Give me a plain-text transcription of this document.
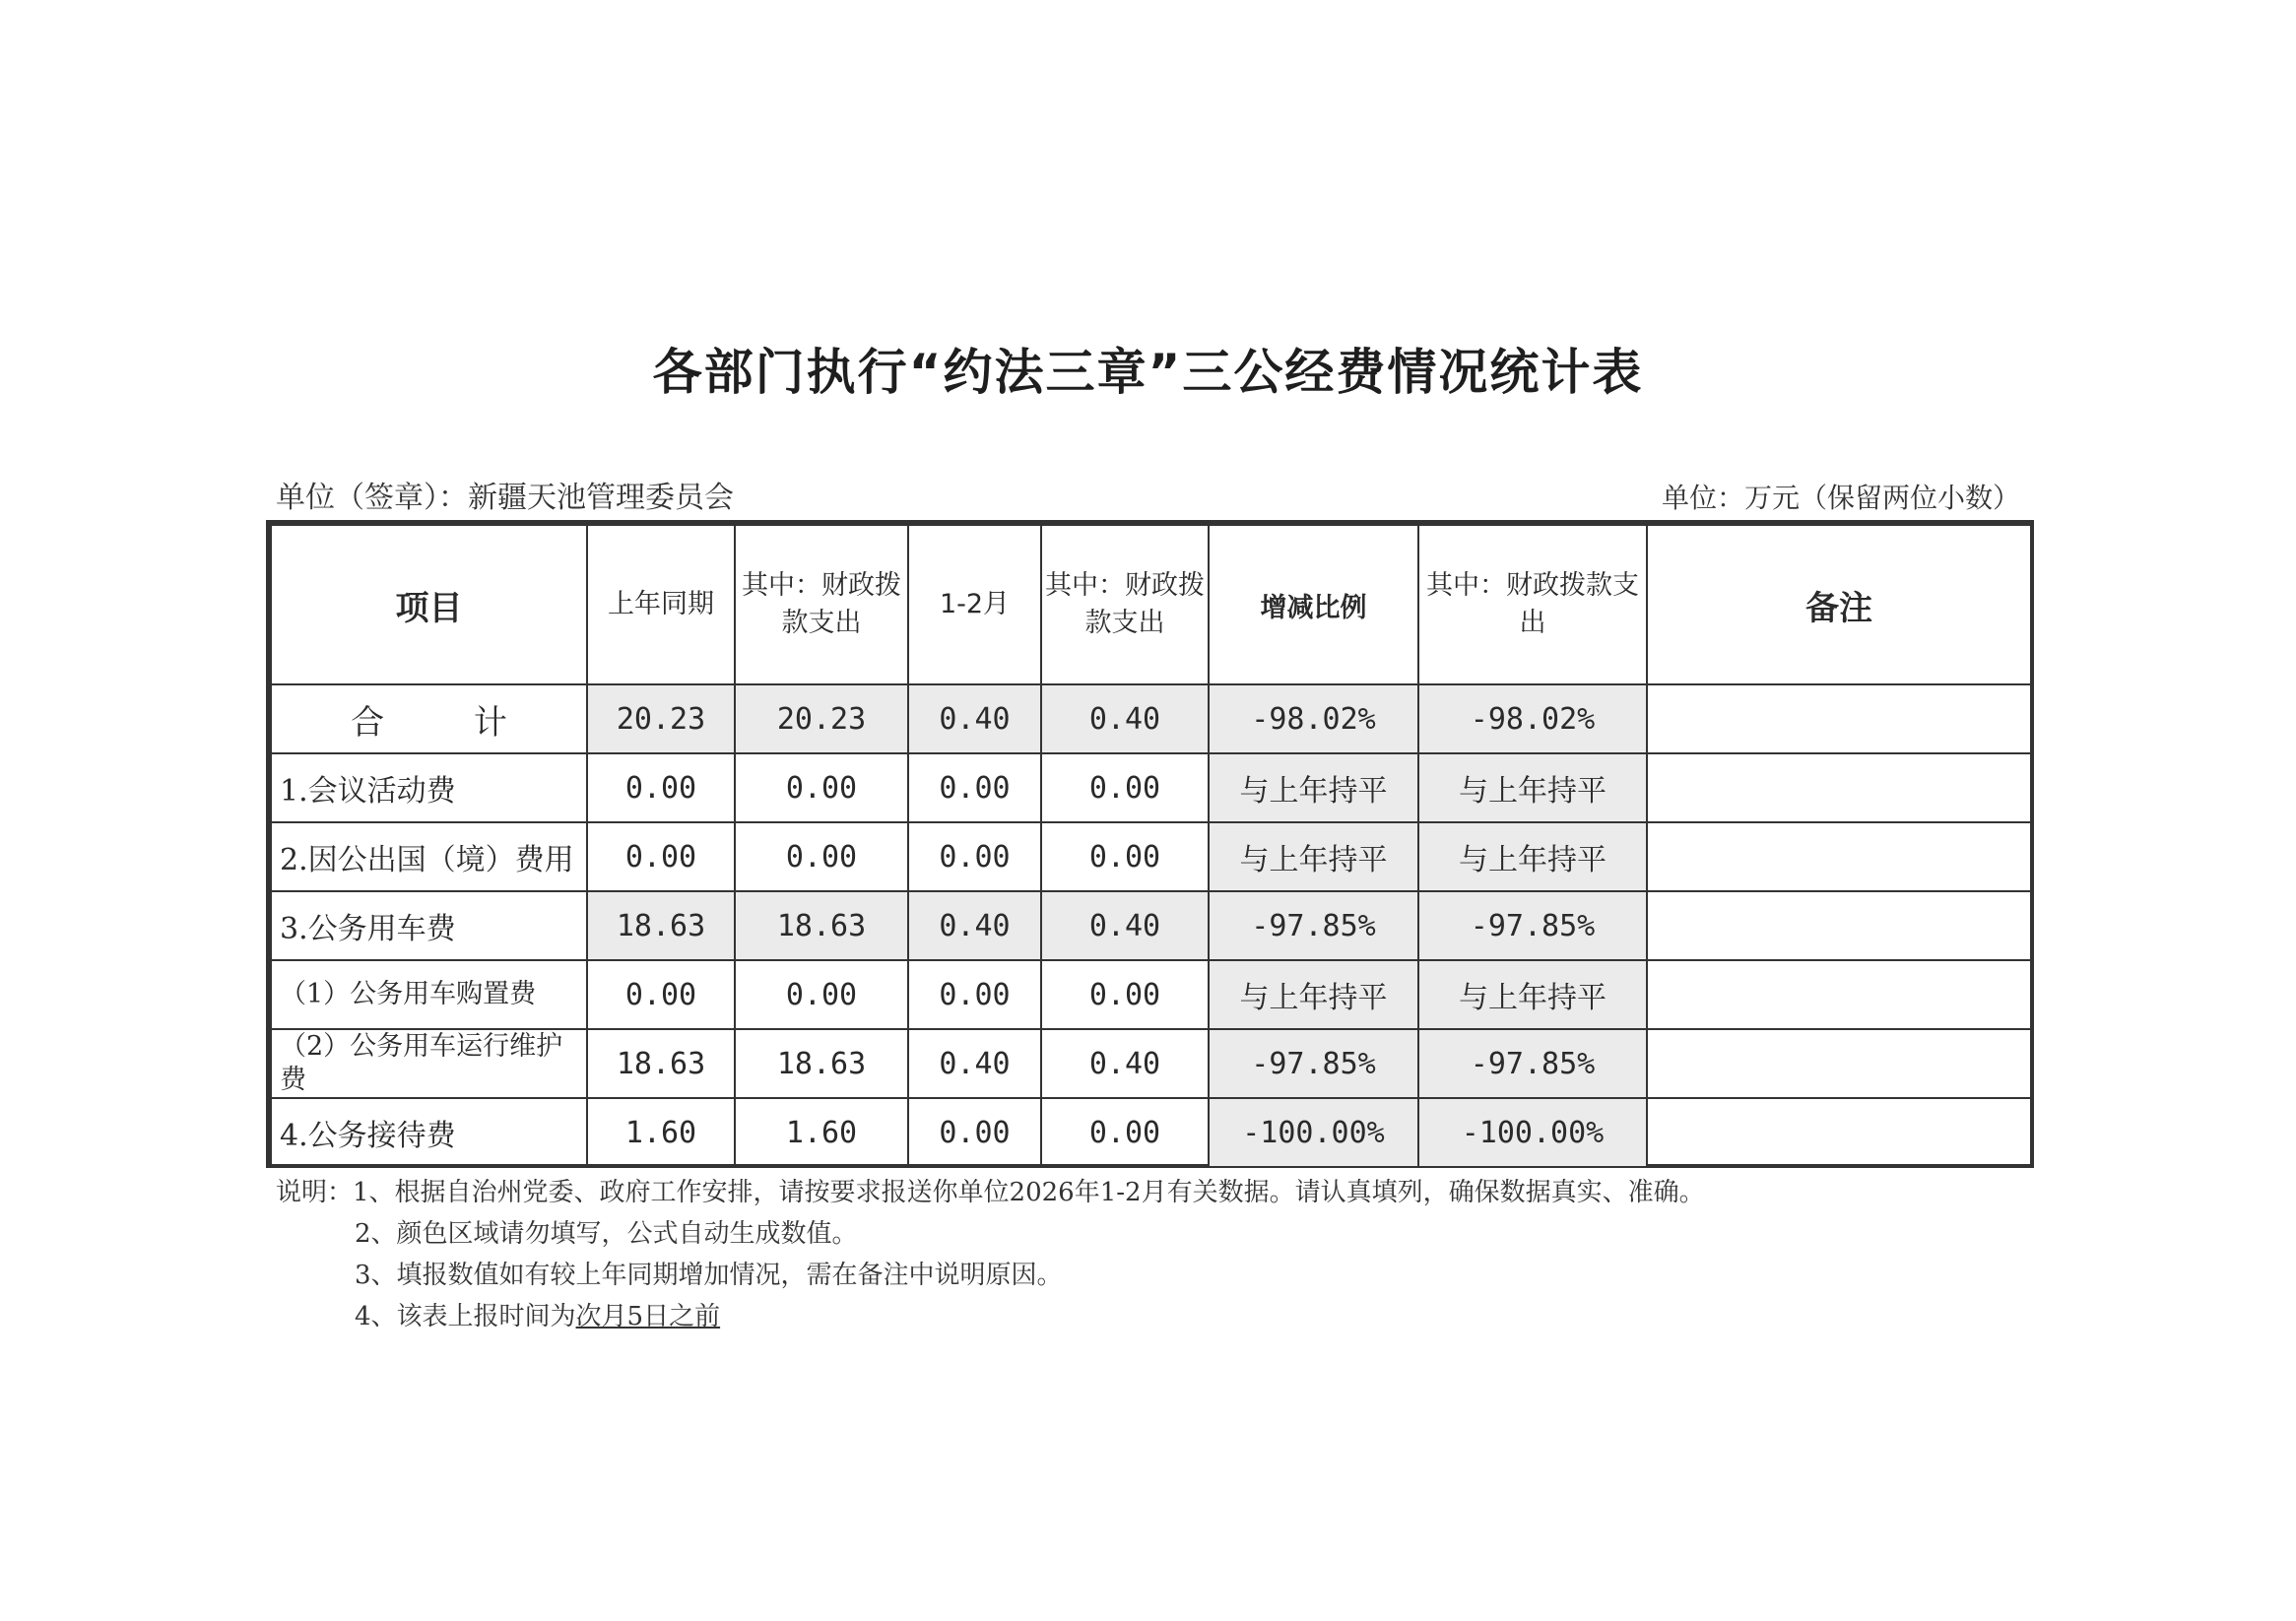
各部门执行“约法三章”三公经费情况统计表
单位（签章）：新疆天池管理委员会	单位：万元（保留两位小数）
项目	上年同期	其中：财政拨款支出	1-2月	其中：财政拨款支出	增减比例	其中：财政拨款支出	备注
合 计	20.23	20.23	0.40	0.40	-98.02%	-98.02%	
1.会议活动费	0.00	0.00	0.00	0.00	与上年持平	与上年持平	
2.因公出国（境）费用	0.00	0.00	0.00	0.00	与上年持平	与上年持平	
3.公务用车费	18.63	18.63	0.40	0.40	-97.85%	-97.85%	
（1）公务用车购置费	0.00	0.00	0.00	0.00	与上年持平	与上年持平	
（2）公务用车运行维护费	18.63	18.63	0.40	0.40	-97.85%	-97.85%	
4.公务接待费	1.60	1.60	0.00	0.00	-100.00%	-100.00%	
说明：1、根据自治州党委、政府工作安排，请按要求报送你单位2026年1-2月有关数据。请认真填列，确保数据真实、准确。
2、颜色区域请勿填写，公式自动生成数值。
3、填报数值如有较上年同期增加情况，需在备注中说明原因。
4、该表上报时间为次月5日之前
